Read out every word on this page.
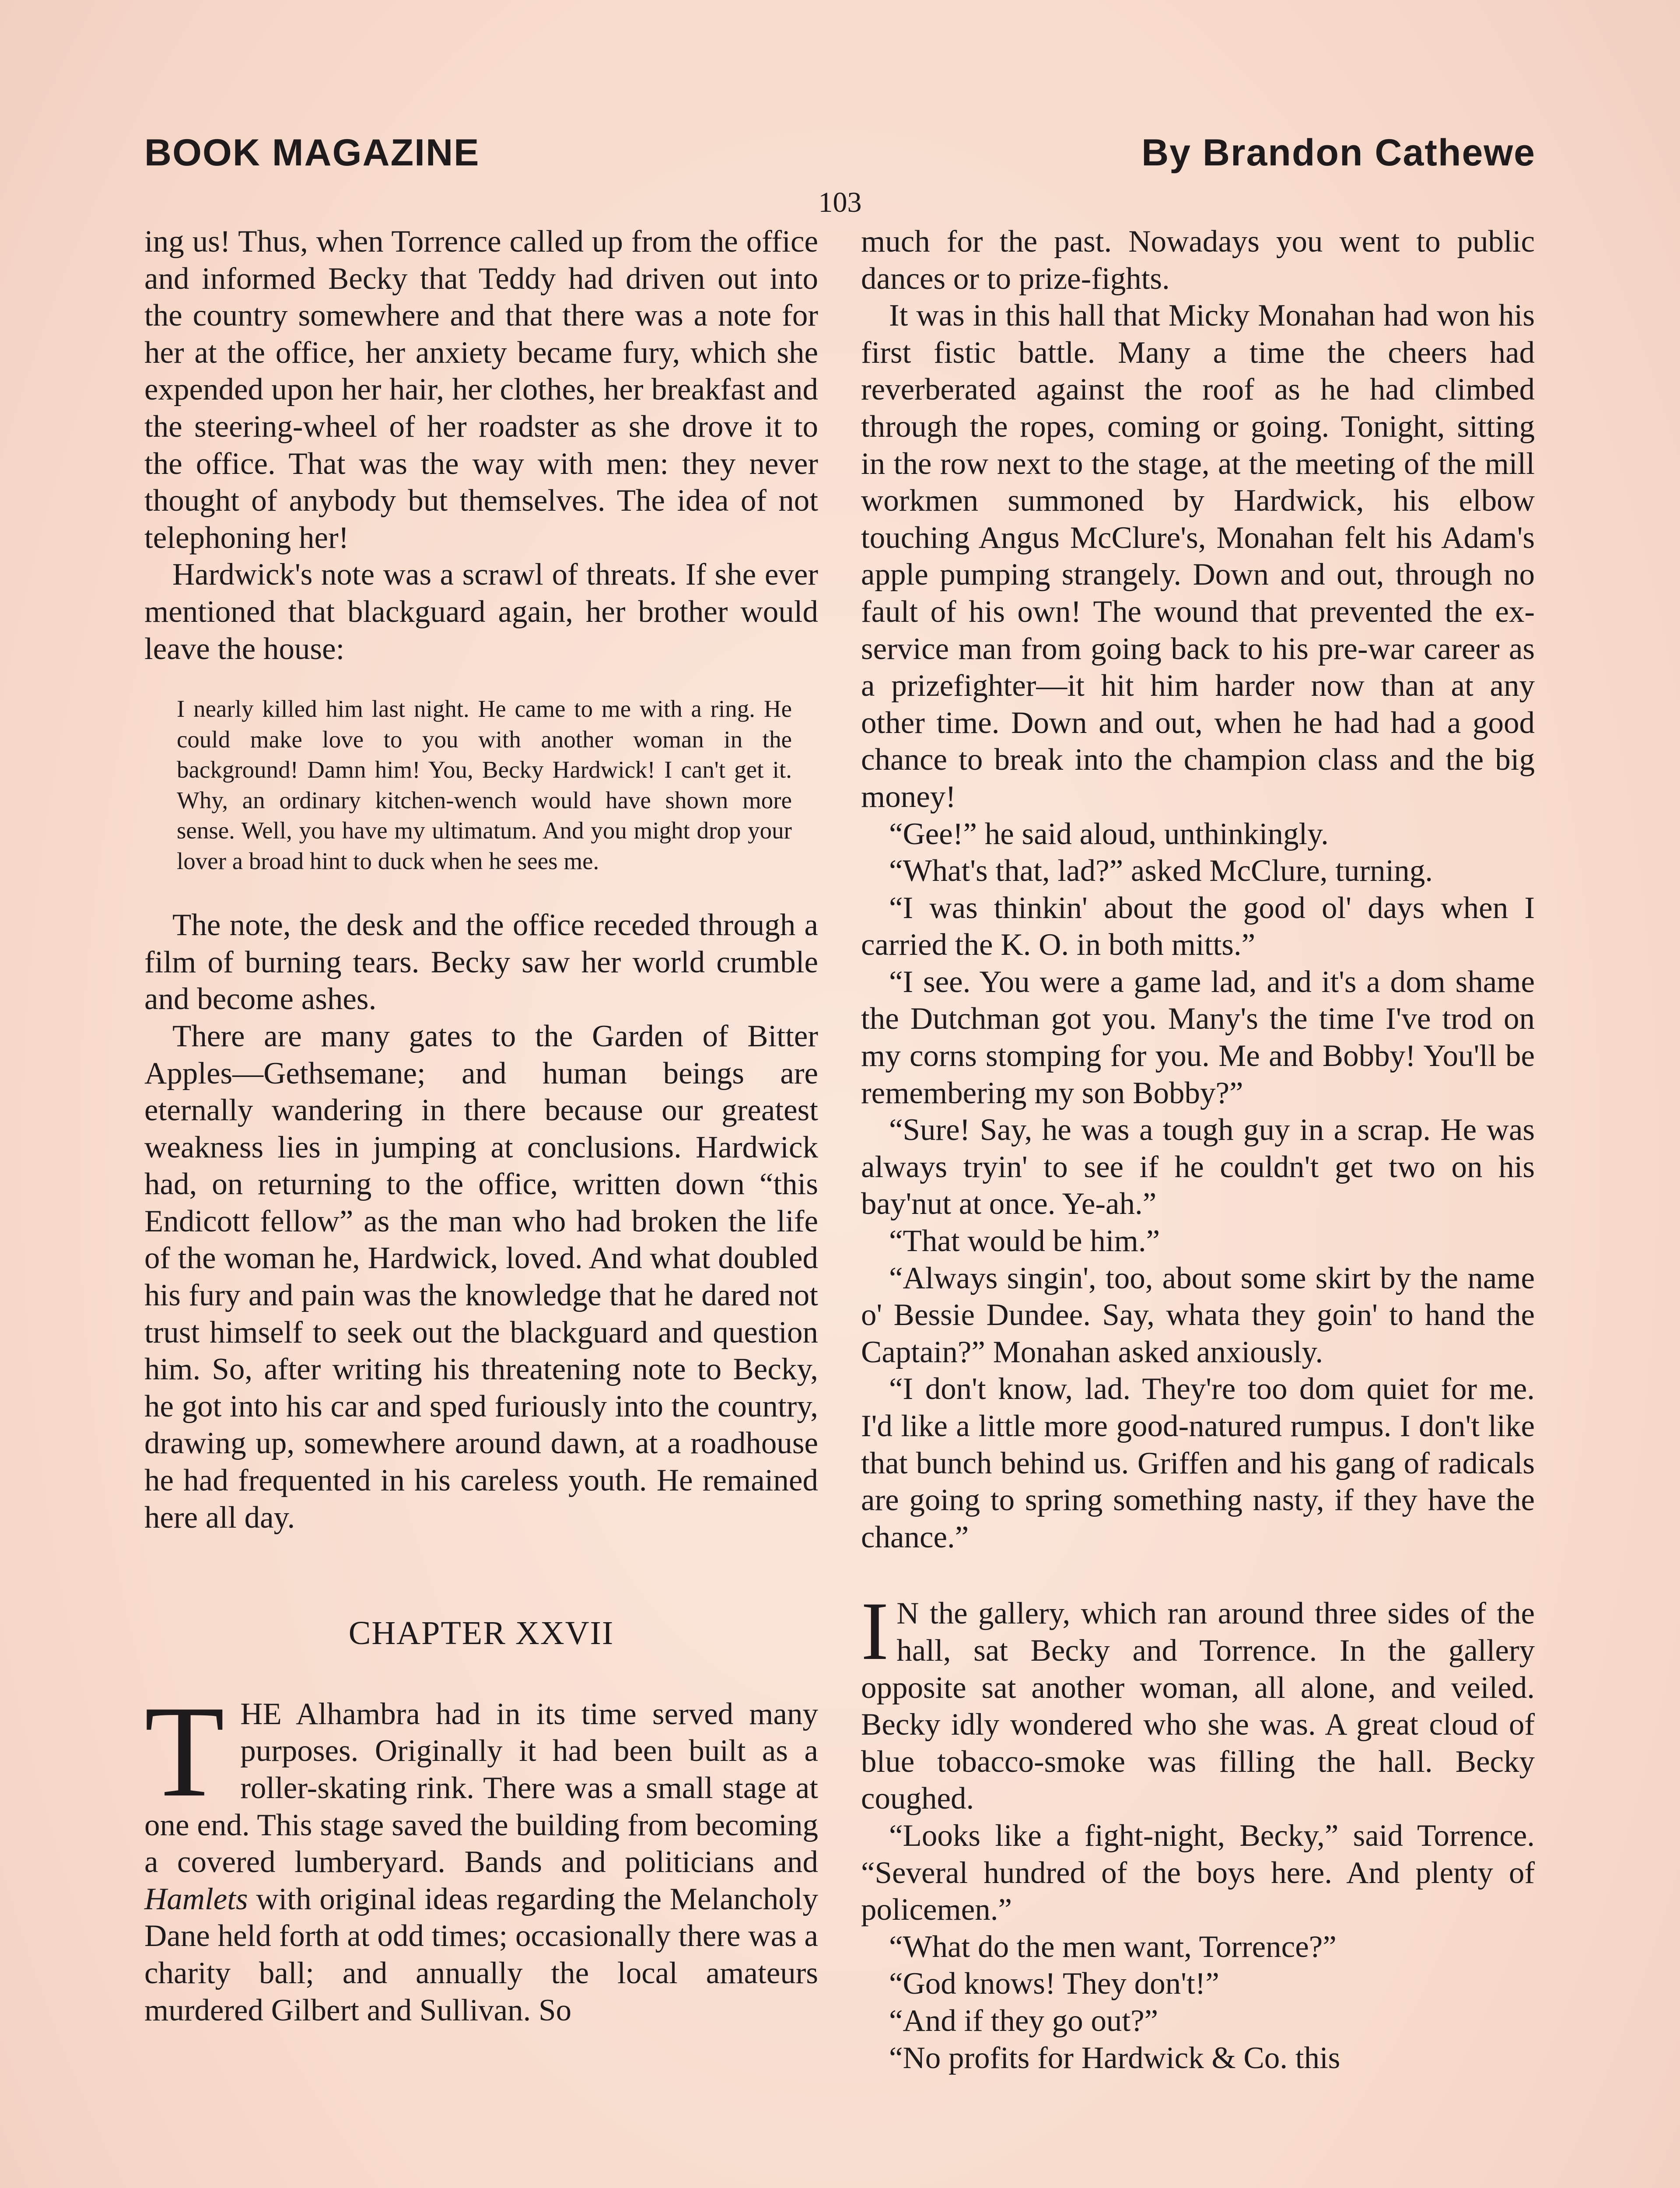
BOOK MAGAZINE	By Brandon Cathewe
103

ing us! Thus, when Torrence called up from the office and informed Becky that Teddy had driven out into the country somewhere and that there was a note for her at the office, her anxiety became fury, which she expended upon her hair, her clothes, her breakfast and the steering-wheel of her roadster as she drove it to the office. That was the way with men: they never thought of anybody but themselves. The idea of not telephoning her!

Hardwick's note was a scrawl of threats. If she ever mentioned that blackguard again, her brother would leave the house:

I nearly killed him last night. He came to me with a ring. He could make love to you with another woman in the background! Damn him! You, Becky Hardwick! I can't get it. Why, an ordinary kitchen-wench would have shown more sense. Well, you have my ultimatum. And you might drop your lover a broad hint to duck when he sees me.

The note, the desk and the office receded through a film of burning tears. Becky saw her world crumble and become ashes.

There are many gates to the Garden of Bitter Apples—Gethsemane; and human beings are eternally wandering in there because our greatest weakness lies in jumping at conclusions. Hardwick had, on returning to the office, written down “this Endicott fellow” as the man who had broken the life of the woman he, Hardwick, loved. And what doubled his fury and pain was the knowledge that he dared not trust himself to seek out the blackguard and question him. So, after writing his threatening note to Becky, he got into his car and sped furiously into the country, drawing up, somewhere around dawn, at a roadhouse he had frequented in his careless youth. He remained here all day.

CHAPTER XXVII

THE Alhambra had in its time served many purposes. Originally it had been built as a roller-skating rink. There was a small stage at one end. This stage saved the building from becoming a covered lumberyard. Bands and politicians and Hamlets with original ideas regarding the Melancholy Dane held forth at odd times; occasionally there was a charity ball; and annually the local amateurs murdered Gilbert and Sullivan. So

much for the past. Nowadays you went to public dances or to prize-fights.

It was in this hall that Micky Monahan had won his first fistic battle. Many a time the cheers had reverberated against the roof as he had climbed through the ropes, coming or going. Tonight, sitting in the row next to the stage, at the meeting of the mill workmen summoned by Hardwick, his elbow touching Angus McClure's, Monahan felt his Adam's apple pumping strangely. Down and out, through no fault of his own! The wound that prevented the ex-service man from going back to his pre-war career as a prizefighter—it hit him harder now than at any other time. Down and out, when he had had a good chance to break into the champion class and the big money!

“Gee!” he said aloud, unthinkingly.

“What's that, lad?” asked McClure, turning.

“I was thinkin' about the good ol' days when I carried the K. O. in both mitts.”

“I see. You were a game lad, and it's a dom shame the Dutchman got you. Many's the time I've trod on my corns stomping for you. Me and Bobby! You'll be remembering my son Bobby?”

“Sure! Say, he was a tough guy in a scrap. He was always tryin' to see if he couldn't get two on his bay'nut at once. Ye-ah.”

“That would be him.”

“Always singin', too, about some skirt by the name o' Bessie Dundee. Say, whata they goin' to hand the Captain?” Monahan asked anxiously.

“I don't know, lad. They're too dom quiet for me. I'd like a little more good-natured rumpus. I don't like that bunch behind us. Griffen and his gang of radicals are going to spring something nasty, if they have the chance.”

I N the gallery, which ran around three sides of the hall, sat Becky and Torrence. In the gallery opposite sat another woman, all alone, and veiled. Becky idly wondered who she was. A great cloud of blue tobacco-smoke was filling the hall. Becky coughed.

“Looks like a fight-night, Becky,” said Torrence. “Several hundred of the boys here. And plenty of policemen.”

“What do the men want, Torrence?”

“God knows! They don't!”

“And if they go out?”

“No profits for Hardwick & Co. this
